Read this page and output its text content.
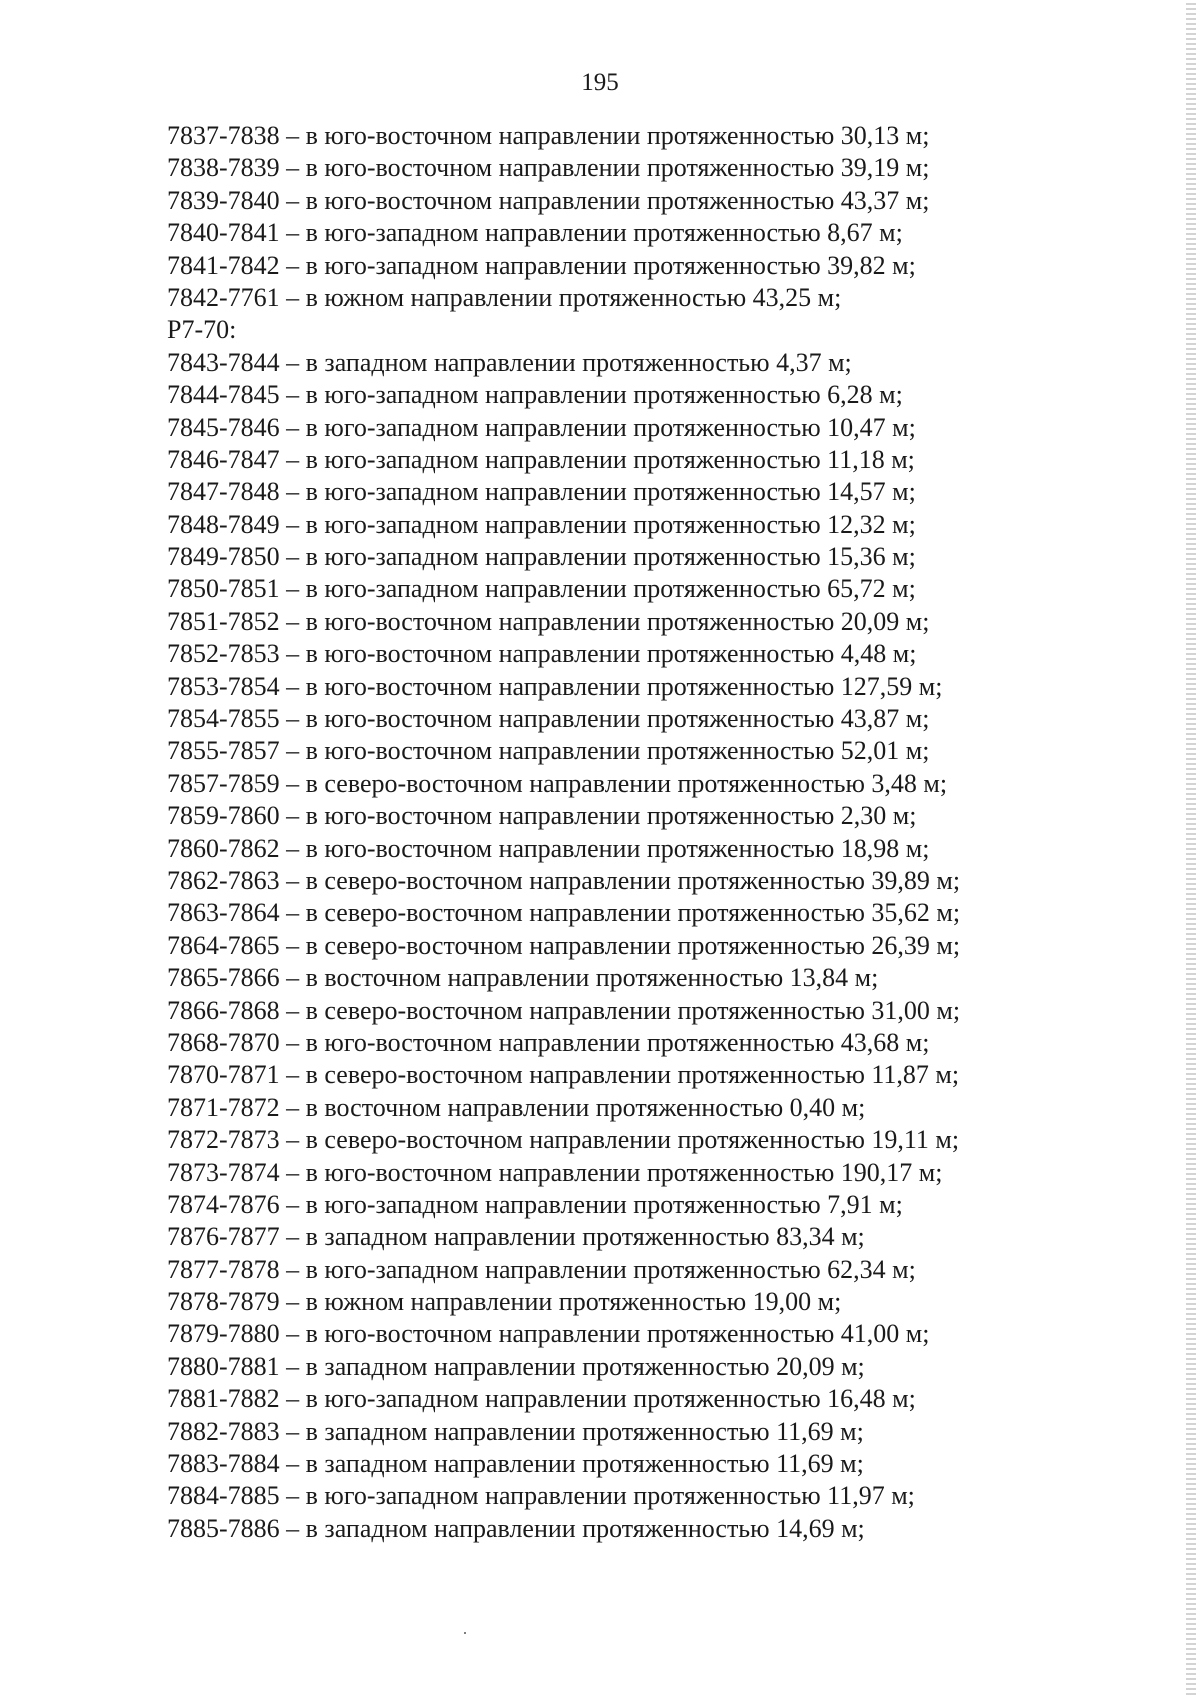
195
7837-7838 – в юго-восточном направлении протяженностью 30,13 м;
7838-7839 – в юго-восточном направлении протяженностью 39,19 м;
7839-7840 – в юго-восточном направлении протяженностью 43,37 м;
7840-7841 – в юго-западном направлении протяженностью 8,67 м;
7841-7842 – в юго-западном направлении протяженностью 39,82 м;
7842-7761 – в южном направлении протяженностью 43,25 м;
Р7-70:
7843-7844 – в западном направлении протяженностью 4,37 м;
7844-7845 – в юго-западном направлении протяженностью 6,28 м;
7845-7846 – в юго-западном направлении протяженностью 10,47 м;
7846-7847 – в юго-западном направлении протяженностью 11,18 м;
7847-7848 – в юго-западном направлении протяженностью 14,57 м;
7848-7849 – в юго-западном направлении протяженностью 12,32 м;
7849-7850 – в юго-западном направлении протяженностью 15,36 м;
7850-7851 – в юго-западном направлении протяженностью 65,72 м;
7851-7852 – в юго-восточном направлении протяженностью 20,09 м;
7852-7853 – в юго-восточном направлении протяженностью 4,48 м;
7853-7854 – в юго-восточном направлении протяженностью 127,59 м;
7854-7855 – в юго-восточном направлении протяженностью 43,87 м;
7855-7857 – в юго-восточном направлении протяженностью 52,01 м;
7857-7859 – в северо-восточном направлении протяженностью 3,48 м;
7859-7860 – в юго-восточном направлении протяженностью 2,30 м;
7860-7862 – в юго-восточном направлении протяженностью 18,98 м;
7862-7863 – в северо-восточном направлении протяженностью 39,89 м;
7863-7864 – в северо-восточном направлении протяженностью 35,62 м;
7864-7865 – в северо-восточном направлении протяженностью 26,39 м;
7865-7866 – в восточном направлении протяженностью 13,84 м;
7866-7868 – в северо-восточном направлении протяженностью 31,00 м;
7868-7870 – в юго-восточном направлении протяженностью 43,68 м;
7870-7871 – в северо-восточном направлении протяженностью 11,87 м;
7871-7872 – в восточном направлении протяженностью 0,40 м;
7872-7873 – в северо-восточном направлении протяженностью 19,11 м;
7873-7874 – в юго-восточном направлении протяженностью 190,17 м;
7874-7876 – в юго-западном направлении протяженностью 7,91 м;
7876-7877 – в западном направлении протяженностью 83,34 м;
7877-7878 – в юго-западном направлении протяженностью 62,34 м;
7878-7879 – в южном направлении протяженностью 19,00 м;
7879-7880 – в юго-восточном направлении протяженностью 41,00 м;
7880-7881 – в западном направлении протяженностью 20,09 м;
7881-7882 – в юго-западном направлении протяженностью 16,48 м;
7882-7883 – в западном направлении протяженностью 11,69 м;
7883-7884 – в западном направлении протяженностью 11,69 м;
7884-7885 – в юго-западном направлении протяженностью 11,97 м;
7885-7886 – в западном направлении протяженностью 14,69 м;
